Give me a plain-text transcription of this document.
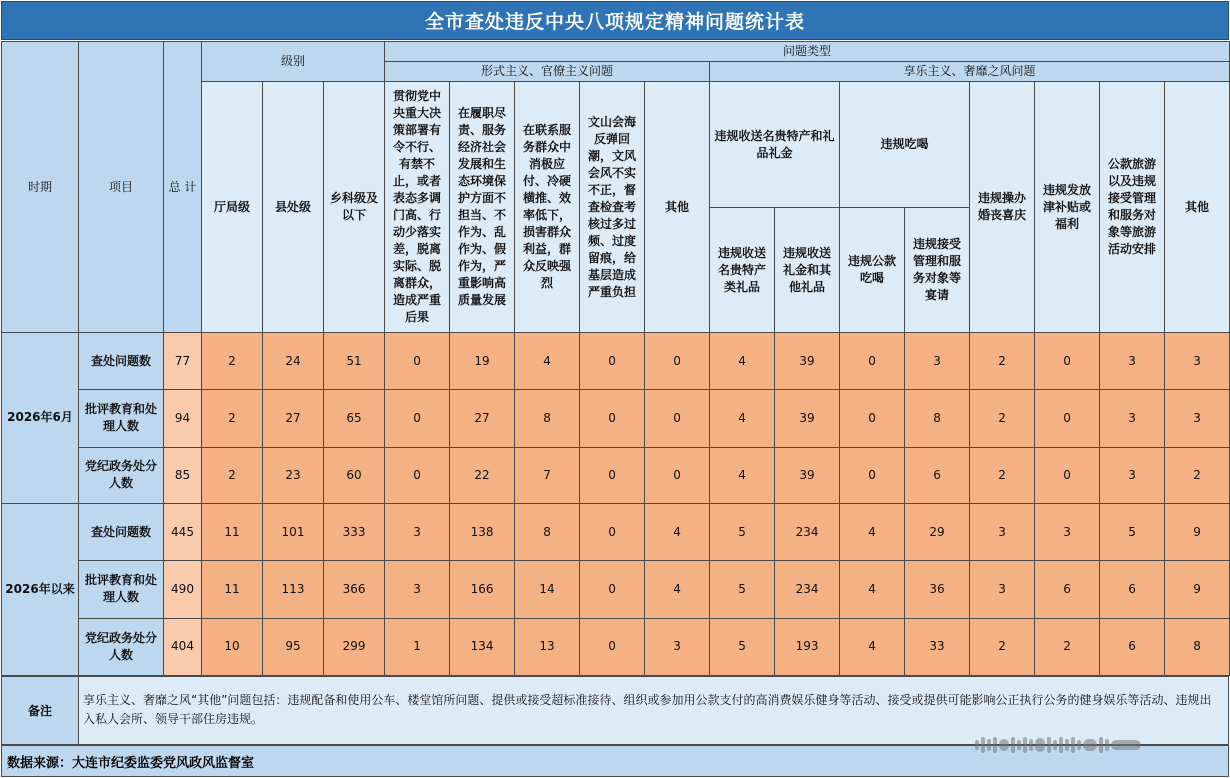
全市查处违反中央八项规定精神问题统计表
时期	项目	总 计	级别			问题类型												
						形式主义、官僚主义问题					享乐主义、奢靡之风问题							
			厅局级	县处级	乡科级及以下	贯彻党中央重大决策部署有令不行、有禁不止，或者表态多调门高、行动少落实差，脱离实际、脱离群众，造成严重后果	在履职尽责、服务经济社会发展和生态环境保护方面不担当、不作为、乱作为、假作为，严重影响高质量发展	在联系服务群众中消极应付、冷硬横推、效率低下，损害群众利益，群众反映强烈	文山会海反弹回潮，文风会风不实不正，督查检查考核过多过频、过度留痕，给基层造成严重负担	其他	违规收送名贵特产和礼品礼金		违规吃喝		违规操办婚丧喜庆	违规发放津补贴或福利	公款旅游以及违规接受管理和服务对象等旅游活动安排	其他
											违规收送名贵特产类礼品	违规收送礼金和其他礼品	违规公款吃喝	违规接受管理和服务对象等宴请				
2026年6月	查处问题数	77	2	24	51	0	19	4	0	0	4	39	0	3	2	0	3	3
	批评教育和处理人数	94	2	27	65	0	27	8	0	0	4	39	0	8	2	0	3	3
	党纪政务处分人数	85	2	23	60	0	22	7	0	0	4	39	0	6	2	0	3	2
2026年以来	查处问题数	445	11	101	333	3	138	8	0	4	5	234	4	29	3	3	5	9
	批评教育和处理人数	490	11	113	366	3	166	14	0	4	5	234	4	36	3	6	6	9
	党纪政务处分人数	404	10	95	299	1	134	13	0	3	5	193	4	33	2	2	6	8
备注
享乐主义、奢靡之风“其他”问题包括：违规配备和使用公车、楼堂馆所问题、提供或接受超标准接待、组织或参加用公款支付的高消费娱乐健身等活动、接受或提供可能影响公正执行公务的健身娱乐等活动、违规出入私人会所、领导干部住房违规。
数据来源：大连市纪委监委党风政风监督室
